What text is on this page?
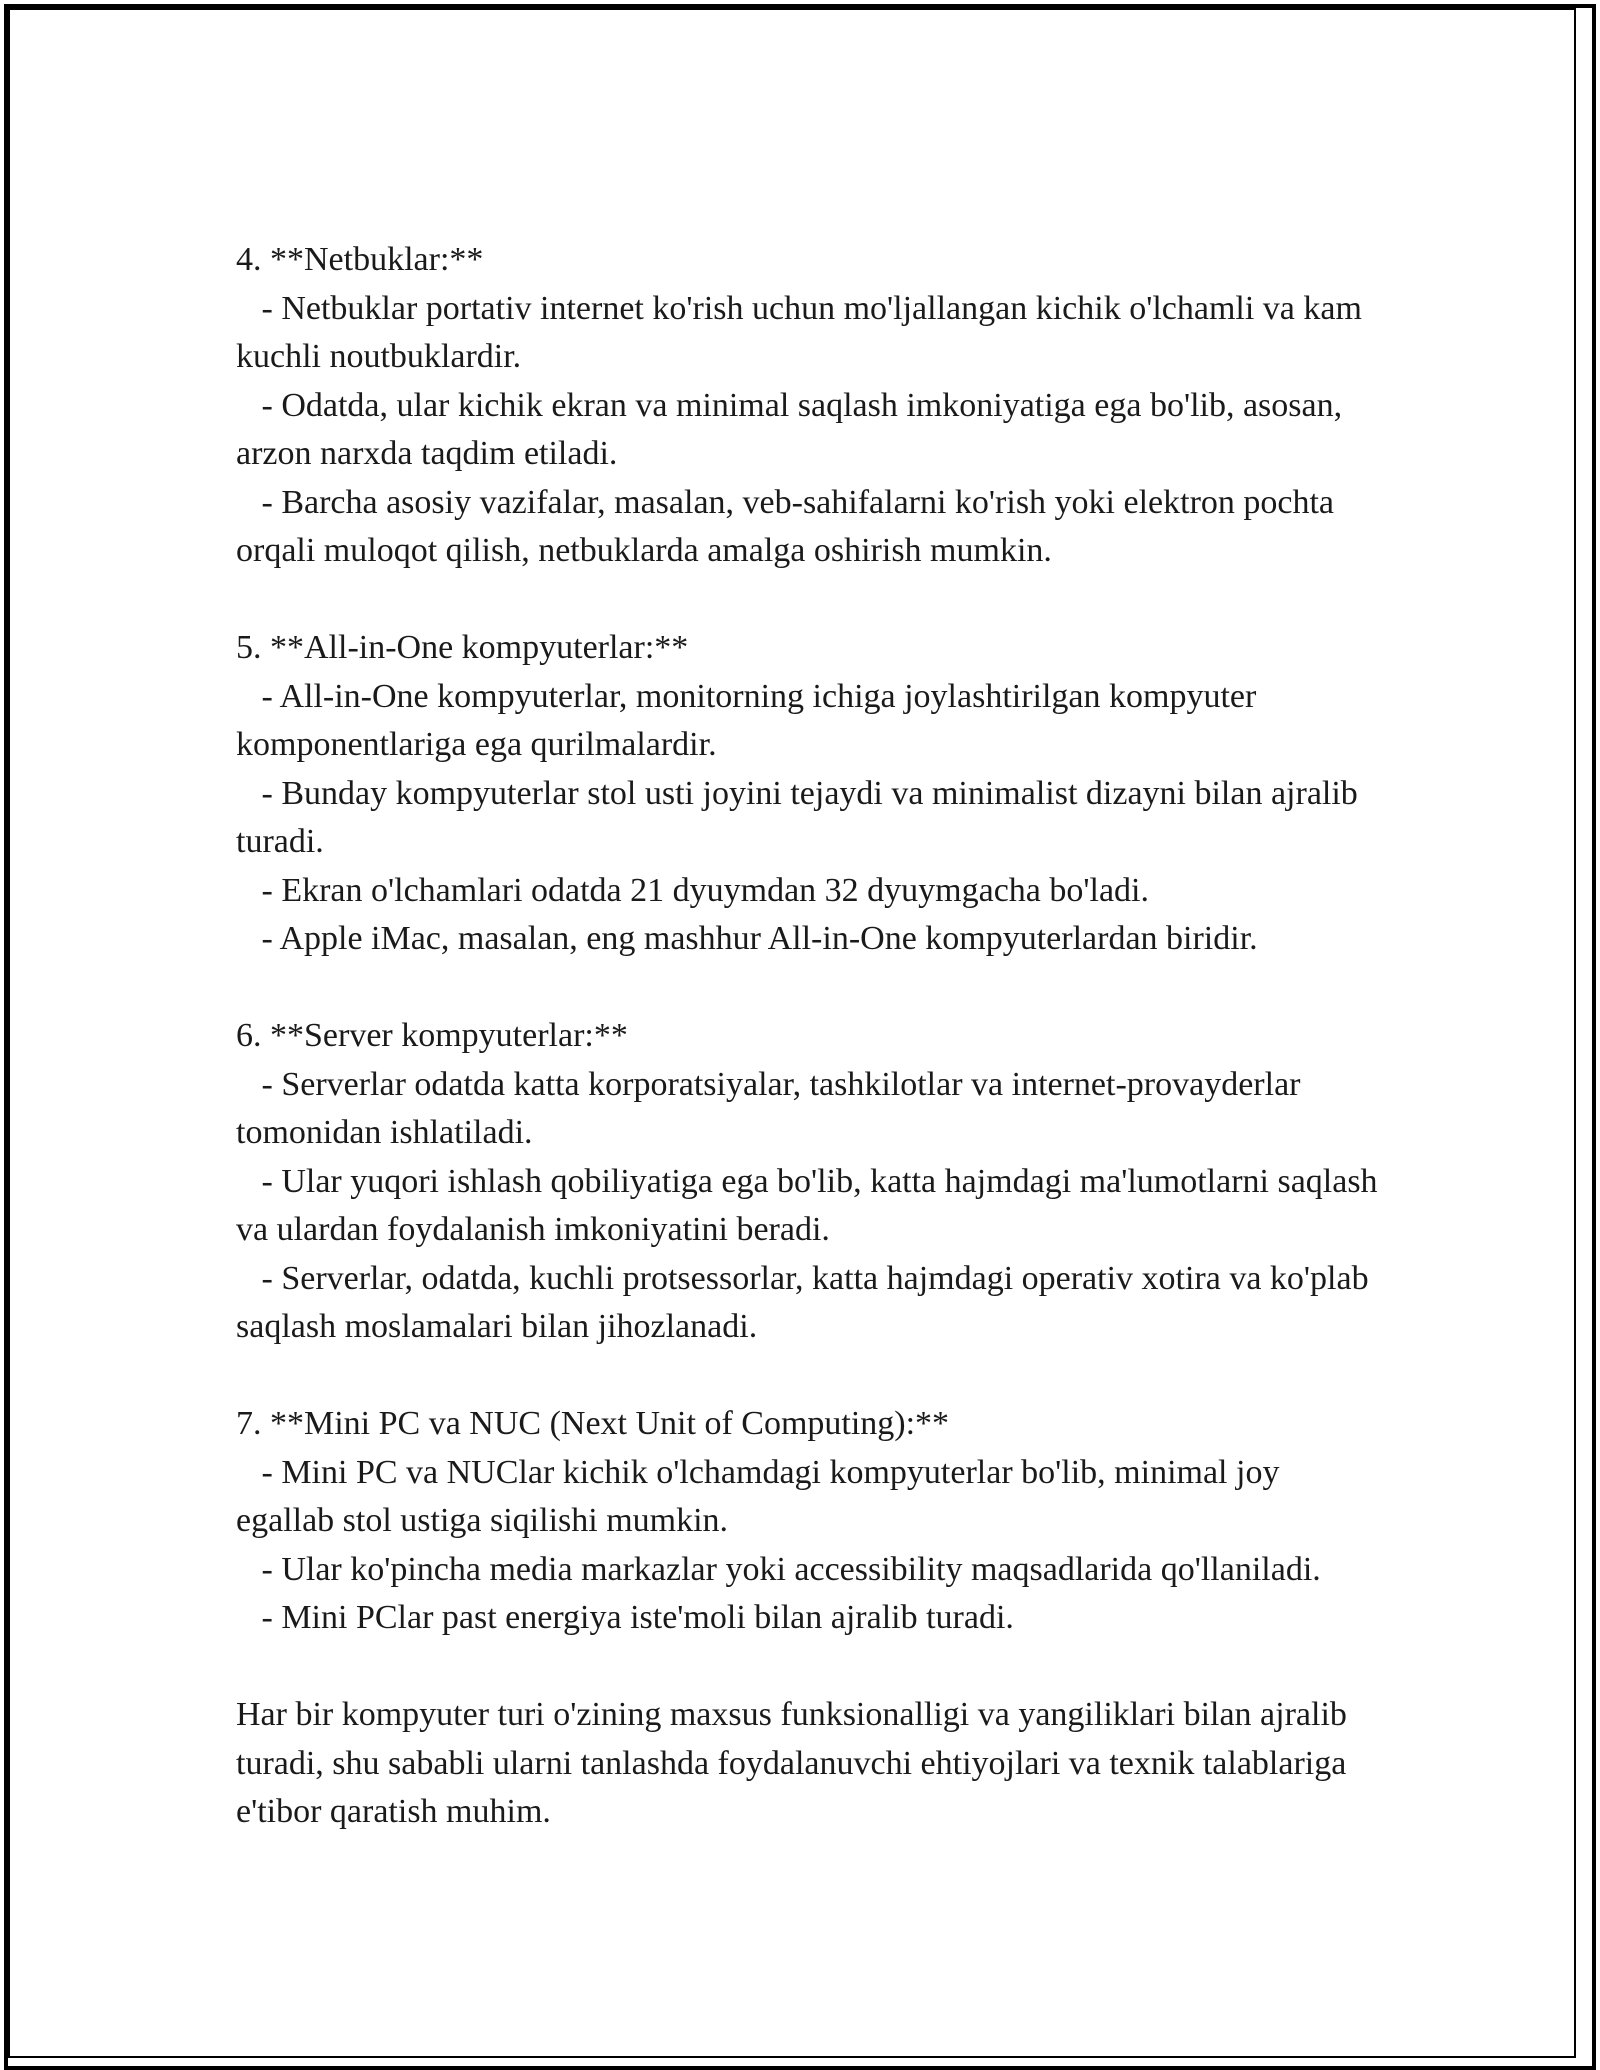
4. **Netbuklar:**
- Netbuklar portativ internet ko'rish uchun mo'ljallangan kichik o'lchamli va kam kuchli noutbuklardir.
- Odatda, ular kichik ekran va minimal saqlash imkoniyatiga ega bo'lib, asosan, arzon narxda taqdim etiladi.
- Barcha asosiy vazifalar, masalan, veb-sahifalarni ko'rish yoki elektron pochta orqali muloqot qilish, netbuklarda amalga oshirish mumkin.
5. **All-in-One kompyuterlar:**
- All-in-One kompyuterlar, monitorning ichiga joylashtirilgan kompyuter komponentlariga ega qurilmalardir.
- Bunday kompyuterlar stol usti joyini tejaydi va minimalist dizayni bilan ajralib turadi.
- Ekran o'lchamlari odatda 21 dyuymdan 32 dyuymgacha bo'ladi.
- Apple iMac, masalan, eng mashhur All-in-One kompyuterlardan biridir.
6. **Server kompyuterlar:**
- Serverlar odatda katta korporatsiyalar, tashkilotlar va internet-provayderlar tomonidan ishlatiladi.
- Ular yuqori ishlash qobiliyatiga ega bo'lib, katta hajmdagi ma'lumotlarni saqlash va ulardan foydalanish imkoniyatini beradi.
- Serverlar, odatda, kuchli protsessorlar, katta hajmdagi operativ xotira va ko'plab saqlash moslamalari bilan jihozlanadi.
7. **Mini PC va NUC (Next Unit of Computing):**
- Mini PC va NUClar kichik o'lchamdagi kompyuterlar bo'lib, minimal joy egallab stol ustiga siqilishi mumkin.
- Ular ko'pincha media markazlar yoki accessibility maqsadlarida qo'llaniladi.
- Mini PClar past energiya iste'moli bilan ajralib turadi.

Har bir kompyuter turi o'zining maxsus funksionalligi va yangiliklari bilan ajralib turadi, shu sababli ularni tanlashda foydalanuvchi ehtiyojlari va texnik talablariga e'tibor qaratish muhim.
